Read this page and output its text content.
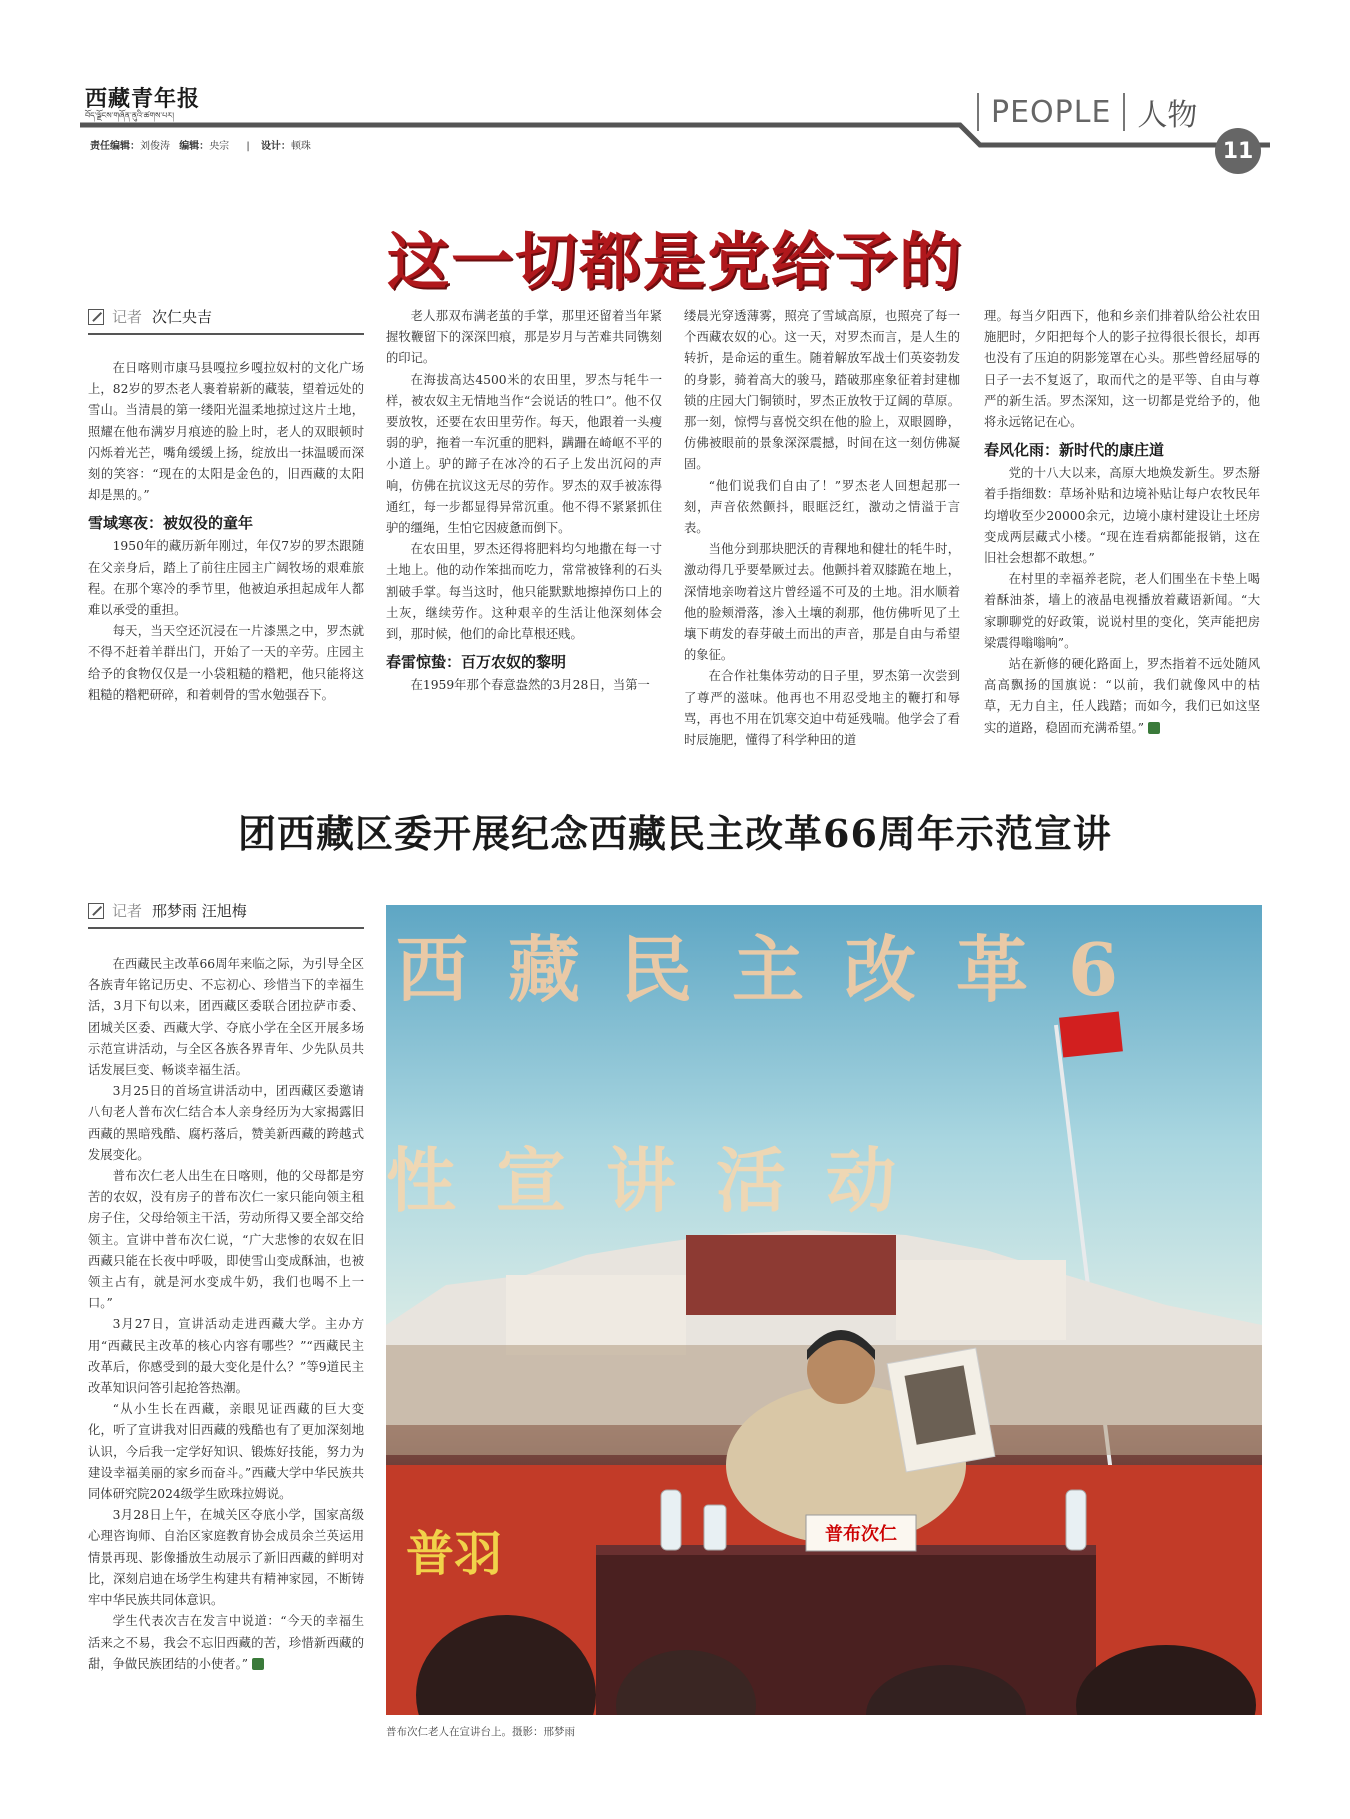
西藏青年报
བོད་ལྗོངས་གཞོན་ནུའི་ཚགས་པར།
责任编辑：刘俊涛 编辑：央宗 | 设计：顿珠
PEOPLE 人物
11
这一切都是党给予的
记者 次仁央吉

在日喀则市康马县嘎拉乡嘎拉奴村的文化广场上，82岁的罗杰老人裹着崭新的藏装，望着远处的雪山。当清晨的第一缕阳光温柔地掠过这片土地，照耀在他布满岁月痕迹的脸上时，老人的双眼顿时闪烁着光芒，嘴角缓缓上扬，绽放出一抹温暖而深刻的笑容：“现在的太阳是金色的，旧西藏的太阳却是黑的。”

雪域寒夜：被奴役的童年

1950年的藏历新年刚过，年仅7岁的罗杰跟随在父亲身后，踏上了前往庄园主广阔牧场的艰难旅程。在那个寒冷的季节里，他被迫承担起成年人都难以承受的重担。

每天，当天空还沉浸在一片漆黑之中，罗杰就不得不赶着羊群出门，开始了一天的辛劳。庄园主给予的食物仅仅是一小袋粗糙的糌粑，他只能将这粗糙的糌粑研碎，和着刺骨的雪水勉强吞下。

老人那双布满老茧的手掌，那里还留着当年紧握牧鞭留下的深深凹痕，那是岁月与苦难共同镌刻的印记。

在海拔高达4500米的农田里，罗杰与牦牛一样，被农奴主无情地当作“会说话的牲口”。他不仅要放牧，还要在农田里劳作。每天，他跟着一头瘦弱的驴，拖着一车沉重的肥料，蹒跚在崎岖不平的小道上。驴的蹄子在冰冷的石子上发出沉闷的声响，仿佛在抗议这无尽的劳作。罗杰的双手被冻得通红，每一步都显得异常沉重。他不得不紧紧抓住驴的缰绳，生怕它因疲惫而倒下。

在农田里，罗杰还得将肥料均匀地撒在每一寸土地上。他的动作笨拙而吃力，常常被锋利的石头割破手掌。每当这时，他只能默默地擦掉伤口上的土灰，继续劳作。这种艰辛的生活让他深刻体会到，那时候，他们的命比草根还贱。

春雷惊蛰：百万农奴的黎明

在1959年那个春意盎然的3月28日，当第一

缕晨光穿透薄雾，照亮了雪域高原，也照亮了每一个西藏农奴的心。这一天，对罗杰而言，是人生的转折，是命运的重生。随着解放军战士们英姿勃发的身影，骑着高大的骏马，踏破那座象征着封建枷锁的庄园大门铜锁时，罗杰正放牧于辽阔的草原。那一刻，惊愕与喜悦交织在他的脸上，双眼圆睁，仿佛被眼前的景象深深震撼，时间在这一刻仿佛凝固。

“他们说我们自由了！”罗杰老人回想起那一刻，声音依然颤抖，眼眶泛红，激动之情溢于言表。

当他分到那块肥沃的青稞地和健壮的牦牛时，激动得几乎要晕厥过去。他颤抖着双膝跪在地上，深情地亲吻着这片曾经遥不可及的土地。泪水顺着他的脸颊滑落，渗入土壤的刹那，他仿佛听见了土壤下萌发的春芽破土而出的声音，那是自由与希望的象征。

在合作社集体劳动的日子里，罗杰第一次尝到了尊严的滋味。他再也不用忍受地主的鞭打和辱骂，再也不用在饥寒交迫中苟延残喘。他学会了看时辰施肥，懂得了科学种田的道

理。每当夕阳西下，他和乡亲们排着队给公社农田施肥时，夕阳把每个人的影子拉得很长很长，却再也没有了压迫的阴影笼罩在心头。那些曾经屈辱的日子一去不复返了，取而代之的是平等、自由与尊严的新生活。罗杰深知，这一切都是党给予的，他将永远铭记在心。

春风化雨：新时代的康庄道

党的十八大以来，高原大地焕发新生。罗杰掰着手指细数：草场补贴和边境补贴让每户农牧民年均增收至少20000余元，边境小康村建设让土坯房变成两层藏式小楼。“现在连看病都能报销，这在旧社会想都不敢想。”

在村里的幸福养老院，老人们围坐在卡垫上喝着酥油茶，墙上的液晶电视播放着藏语新闻。“大家聊聊党的好政策，说说村里的变化，笑声能把房梁震得嗡嗡响”。

站在新修的硬化路面上，罗杰指着不远处随风高高飘扬的国旗说：“以前，我们就像风中的枯草，无力自主，任人践踏；而如今，我们已如这坚实的道路，稳固而充满希望。”

团西藏区委开展纪念西藏民主改革66周年示范宣讲
记者 邢梦雨 汪旭梅

在西藏民主改革66周年来临之际，为引导全区各族青年铭记历史、不忘初心、珍惜当下的幸福生活，3月下旬以来，团西藏区委联合团拉萨市委、团城关区委、西藏大学、夺底小学在全区开展多场示范宣讲活动，与全区各族各界青年、少先队员共话发展巨变、畅谈幸福生活。

3月25日的首场宣讲活动中，团西藏区委邀请八旬老人普布次仁结合本人亲身经历为大家揭露旧西藏的黑暗残酷、腐朽落后，赞美新西藏的跨越式发展变化。

普布次仁老人出生在日喀则，他的父母都是穷苦的农奴，没有房子的普布次仁一家只能向领主租房子住，父母给领主干活，劳动所得又要全部交给领主。宣讲中普布次仁说，“广大悲惨的农奴在旧西藏只能在长夜中呼吸，即使雪山变成酥油，也被领主占有，就是河水变成牛奶，我们也喝不上一口。”

3月27日，宣讲活动走进西藏大学。主办方用“西藏民主改革的核心内容有哪些？”“西藏民主改革后，你感受到的最大变化是什么？”等9道民主改革知识问答引起抢答热潮。

“从小生长在西藏，亲眼见证西藏的巨大变化，听了宣讲我对旧西藏的残酷也有了更加深刻地认识，今后我一定学好知识、锻炼好技能，努力为建设幸福美丽的家乡而奋斗。”西藏大学中华民族共同体研究院2024级学生欧珠拉姆说。

3月28日上午，在城关区夺底小学，国家高级心理咨询师、自治区家庭教育协会成员余兰英运用情景再现、影像播放生动展示了新旧西藏的鲜明对比，深刻启迪在场学生构建共有精神家园，不断铸牢中华民族共同体意识。

学生代表次吉在发言中说道：“今天的幸福生活来之不易，我会不忘旧西藏的苦，珍惜新西藏的甜，争做民族团结的小使者。”

西藏民主改革6
性宣讲活动
普羽	普布次仁
普布次仁老人在宣讲台上。摄影：邢梦雨
